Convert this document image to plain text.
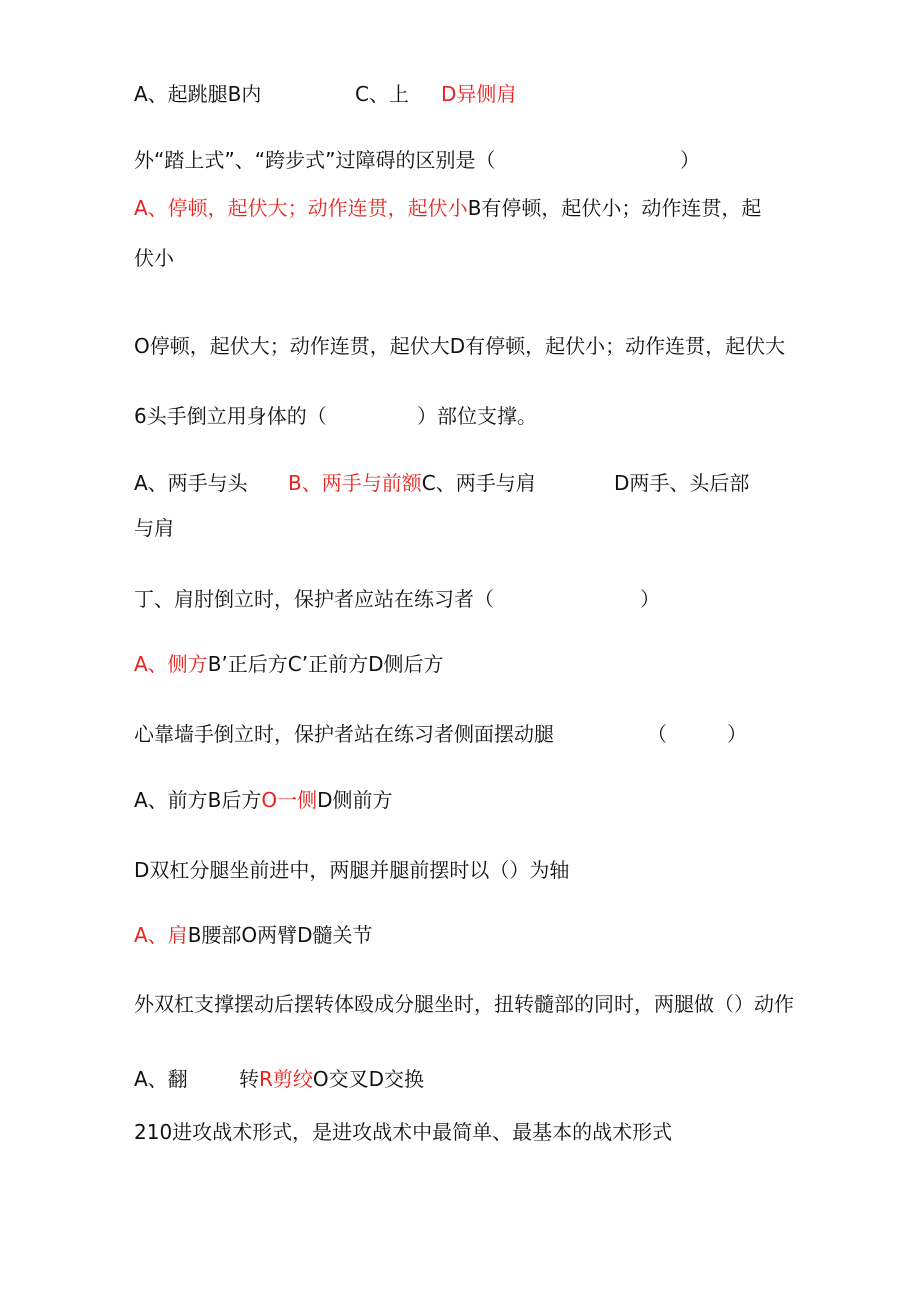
A、起跳腿B内	C、上 D异侧肩
外“踏上式”、“跨步式”过障碍的区别是（	）
A、停顿，起伏大；动作连贯，起伏小B有停顿，起伏小；动作连贯，起
伏小
O停顿，起伏大；动作连贯，起伏大D有停顿，起伏小；动作连贯，起伏大
6头手倒立用身体的（	）部位支撑。
A、两手与头 B、两手与前额C、两手与肩	D两手、头后部
与肩
丁、肩肘倒立时，保护者应站在练习者（	）
A、侧方B’正后方C’正前方D侧后方
心靠墙手倒立时，保护者站在练习者侧面摆动腿	（　　　）
A、前方B后方O一侧D侧前方
D双杠分腿坐前进中，两腿并腿前摆时以（）为轴
A、肩B腰部O两臂D髓关节
外双杠支撑摆动后摆转体殴成分腿坐时，扭转髓部的同时，两腿做（）动作
A、翻	转R剪绞O交叉D交换
210进攻战术形式，是进攻战术中最简单、最基本的战术形式
